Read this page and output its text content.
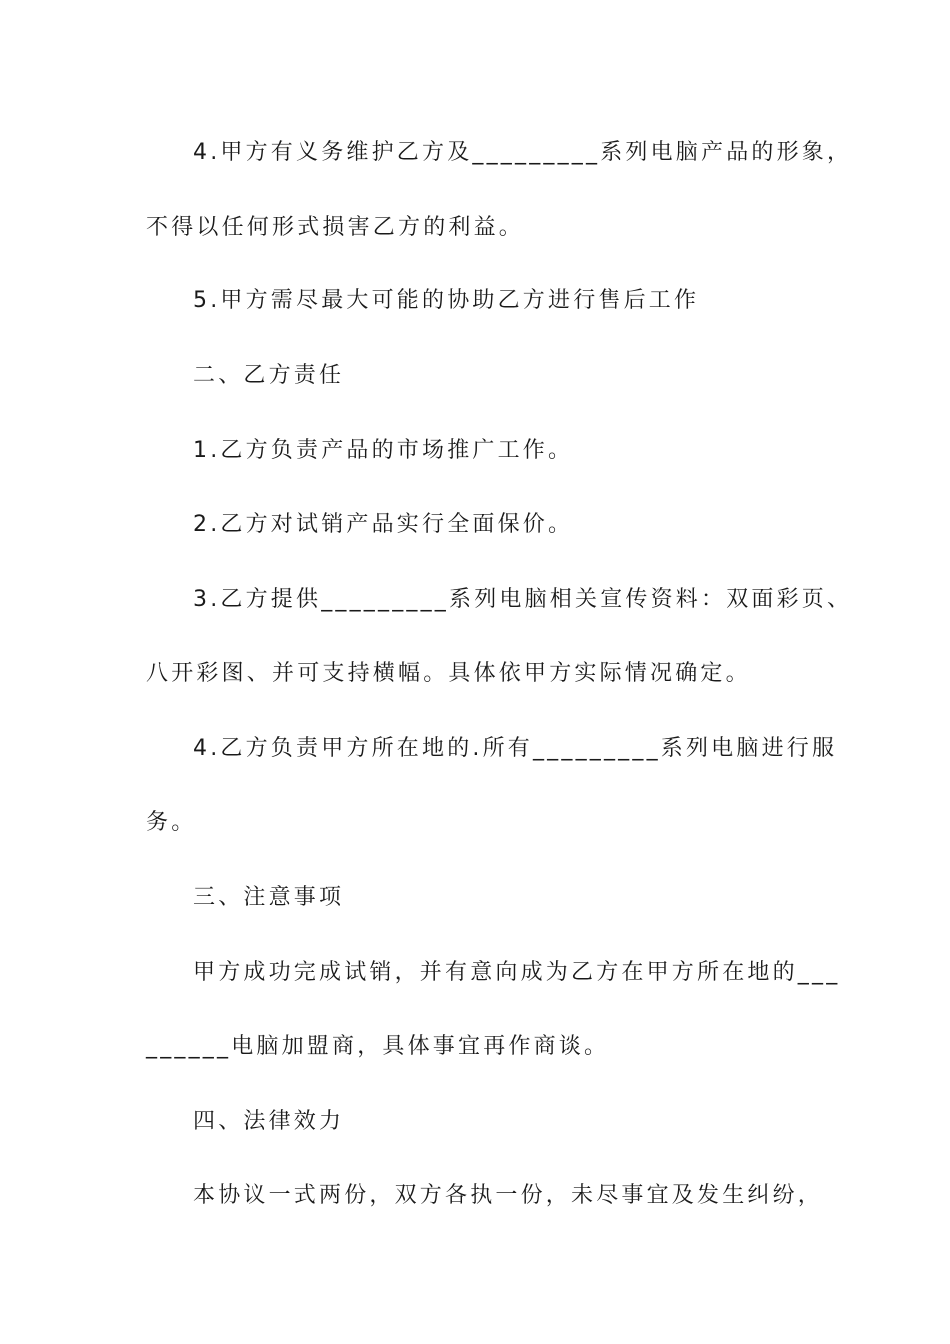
4.甲方有义务维护乙方及_________系列电脑产品的形象，
不得以任何形式损害乙方的利益。
5.甲方需尽最大可能的协助乙方进行售后工作
二、乙方责任
1.乙方负责产品的市场推广工作。
2.乙方对试销产品实行全面保价。
3.乙方提供_________系列电脑相关宣传资料：双面彩页、
八开彩图、并可支持横幅。具体依甲方实际情况确定。
4.乙方负责甲方所在地的.所有_________系列电脑进行服
务。
三、注意事项
甲方成功完成试销，并有意向成为乙方在甲方所在地的___
______电脑加盟商，具体事宜再作商谈。
四、法律效力
本协议一式两份，双方各执一份，未尽事宜及发生纠纷，
